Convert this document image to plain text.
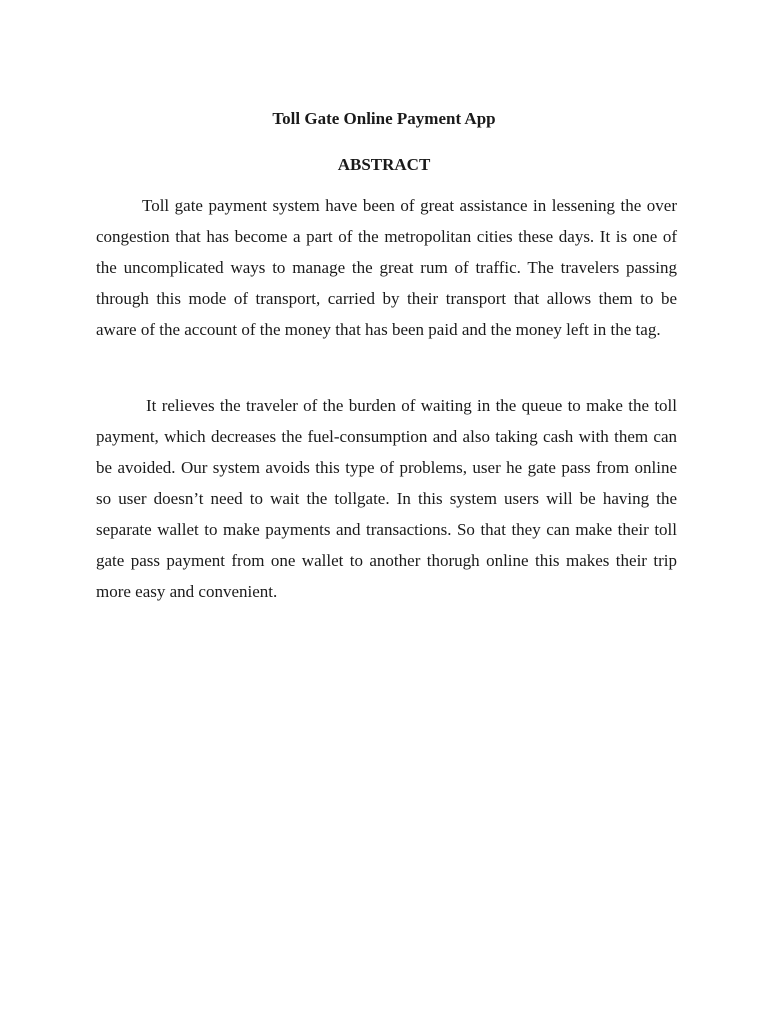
Toll Gate Online Payment App
ABSTRACT

Toll gate payment system have been of great assistance in lessening the over congestion that has become a part of the metropolitan cities these days. It is one of the uncomplicated ways to manage the great rum of traffic. The travelers passing through this mode of transport, carried by their transport that allows them to be aware of the account of the money that has been paid and the money left in the tag.

It relieves the traveler of the burden of waiting in the queue to make the toll payment, which decreases the fuel-consumption and also taking cash with them can be avoided. Our system avoids this type of problems, user he gate pass from online so user doesn’t need to wait the tollgate. In this system users will be having the separate wallet to make payments and transactions. So that they can make their toll gate pass payment from one wallet to another thorugh online this makes their trip more easy and convenient.
